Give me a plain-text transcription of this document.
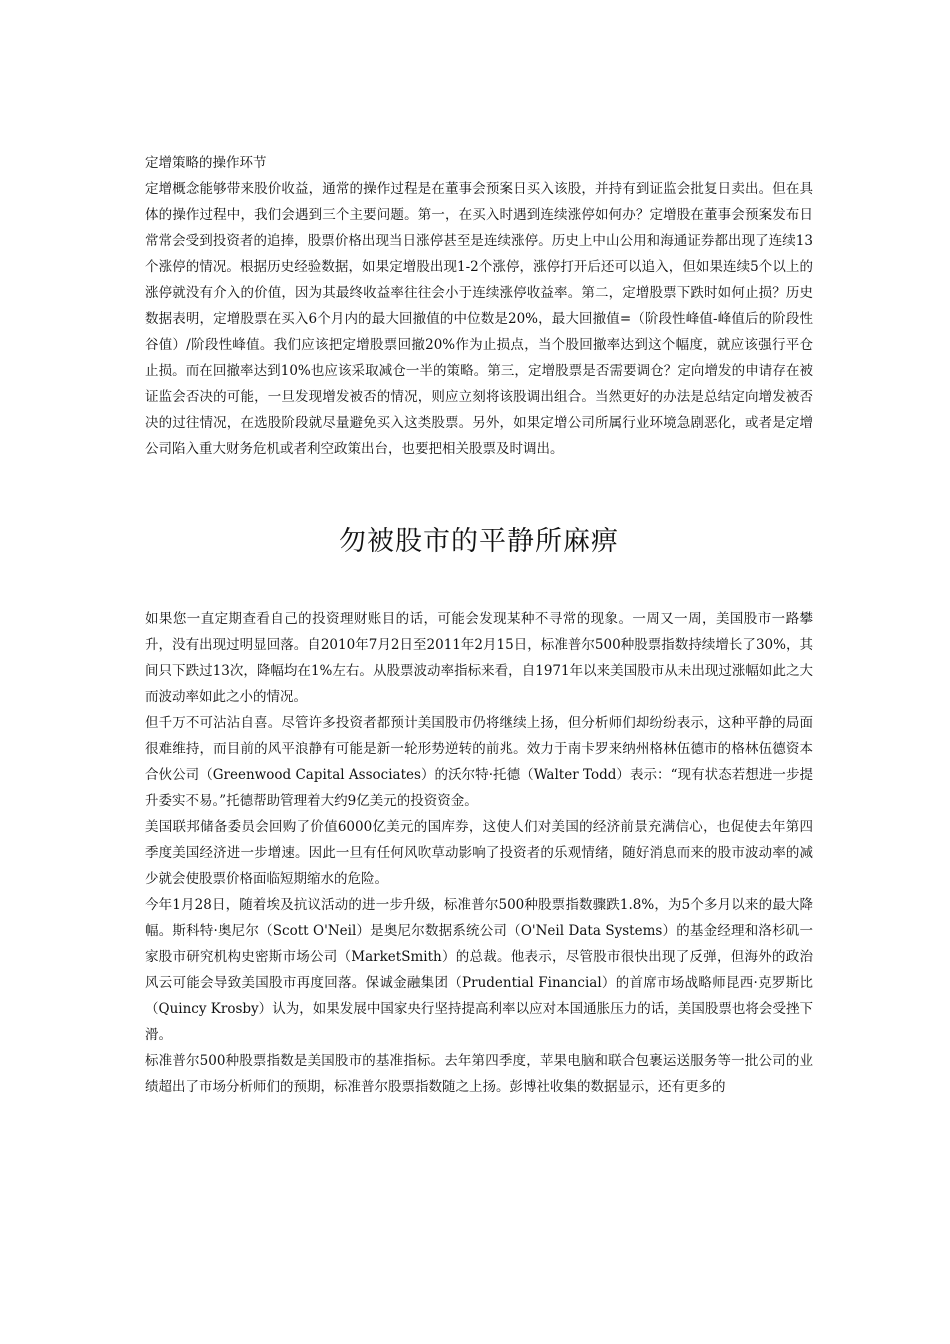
定增策略的操作环节

定增概念能够带来股价收益，通常的操作过程是在董事会预案日买入该股，并持有到证监会批复日卖出。但在具体的操作过程中，我们会遇到三个主要问题。第一，在买入时遇到连续涨停如何办？定增股在董事会预案发布日常常会受到投资者的追捧，股票价格出现当日涨停甚至是连续涨停。历史上中山公用和海通证券都出现了连续13个涨停的情况。根据历史经验数据，如果定增股出现1-2个涨停，涨停打开后还可以追入，但如果连续5个以上的涨停就没有介入的价值，因为其最终收益率往往会小于连续涨停收益率。第二，定增股票下跌时如何止损？历史数据表明，定增股票在买入6个月内的最大回撤值的中位数是20%，最大回撤值=（阶段性峰值-峰值后的阶段性谷值）/阶段性峰值。我们应该把定增股票回撤20%作为止损点，当个股回撤率达到这个幅度，就应该强行平仓止损。而在回撤率达到10%也应该采取减仓一半的策略。第三，定增股票是否需要调仓？定向增发的申请存在被证监会否决的可能，一旦发现增发被否的情况，则应立刻将该股调出组合。当然更好的办法是总结定向增发被否决的过往情况，在选股阶段就尽量避免买入这类股票。另外，如果定增公司所属行业环境急剧恶化，或者是定增公司陷入重大财务危机或者利空政策出台，也要把相关股票及时调出。

勿被股市的平静所麻痹

如果您一直定期查看自己的投资理财账目的话，可能会发现某种不寻常的现象。一周又一周，美国股市一路攀升，没有出现过明显回落。自2010年7月2日至2011年2月15日，标准普尔500种股票指数持续增长了30%，其间只下跌过13次，降幅均在1%左右。从股票波动率指标来看，自1971年以来美国股市从未出现过涨幅如此之大而波动率如此之小的情况。

但千万不可沾沾自喜。尽管许多投资者都预计美国股市仍将继续上扬，但分析师们却纷纷表示，这种平静的局面很难维持，而目前的风平浪静有可能是新一轮形势逆转的前兆。效力于南卡罗来纳州格林伍德市的格林伍德资本合伙公司（Greenwood Capital Associates）的沃尔特·托德（Walter Todd）表示：“现有状态若想进一步提升委实不易。”托德帮助管理着大约9亿美元的投资资金。

美国联邦储备委员会回购了价值6000亿美元的国库券，这使人们对美国的经济前景充满信心，也促使去年第四季度美国经济进一步增速。因此一旦有任何风吹草动影响了投资者的乐观情绪，随好消息而来的股市波动率的减少就会使股票价格面临短期缩水的危险。

今年1月28日，随着埃及抗议活动的进一步升级，标准普尔500种股票指数骤跌1.8%，为5个多月以来的最大降幅。斯科特·奥尼尔（Scott O'Neil）是奥尼尔数据系统公司（O'Neil Data Systems）的基金经理和洛杉矶一家股市研究机构史密斯市场公司（MarketSmith）的总裁。他表示，尽管股市很快出现了反弹，但海外的政治风云可能会导致美国股市再度回落。保诚金融集团（Prudential Financial）的首席市场战略师昆西·克罗斯比（Quincy Krosby）认为，如果发展中国家央行坚持提高利率以应对本国通胀压力的话，美国股票也将会受挫下滑。

标准普尔500种股票指数是美国股市的基准指标。去年第四季度，苹果电脑和联合包裹运送服务等一批公司的业绩超出了市场分析师们的预期，标准普尔股票指数随之上扬。彭博社收集的数据显示，还有更多的
